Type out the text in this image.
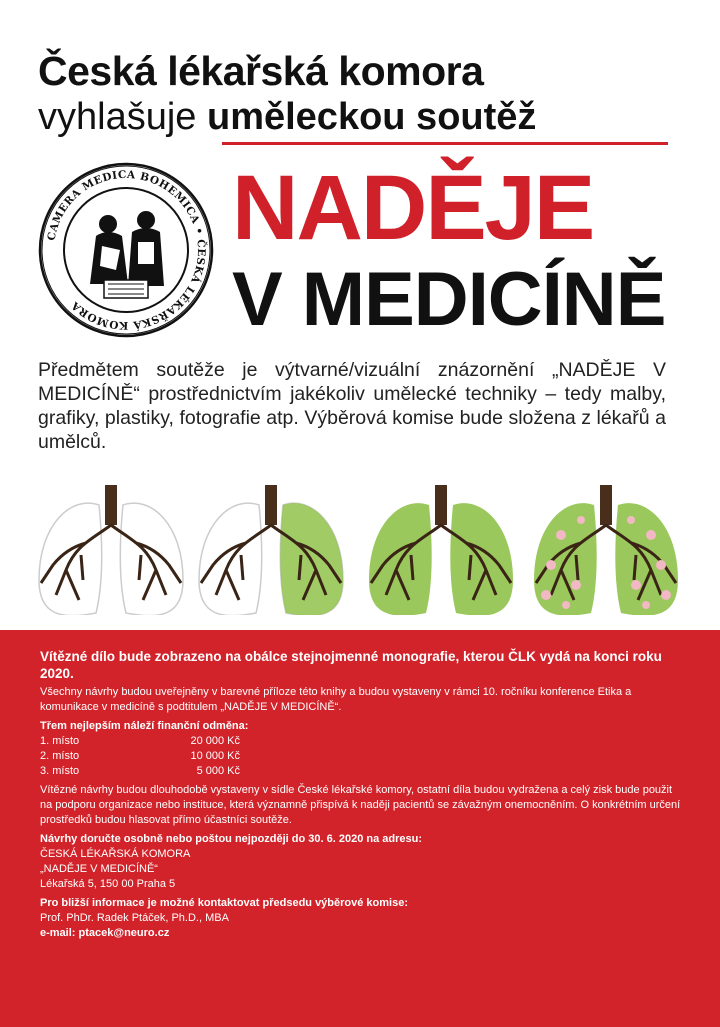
Česká lékařská komora
vyhlašuje uměleckou soutěž
CAMERA MEDICA BOHEMICA • ČESKÁ LÉKAŘSKÁ KOMORA
NADĚJE
V MEDICÍNĚ
Předmětem soutěže je výtvarné/vizuální znázornění „NADĚJE V MEDICÍNĚ“ prostřednictvím jakékoliv umělecké techniky – tedy malby, grafiky, plastiky, fotografie atp. Výběrová komise bude složena z lékařů a umělců.

Vítězné dílo bude zobrazeno na obálce stejnojmenné monografie, kterou ČLK vydá na konci roku 2020.

Všechny návrhy budou uveřejněny v barevné příloze této knihy a budou vystaveny v rámci 10. ročníku konference Etika a komunikace v medicíně s podtitulem „NADĚJE V MEDICÍNĚ“.

Třem nejlepším náleží finanční odměna:

1. místo	20 000 Kč
2. místo	10 000 Kč
3. místo	5 000 Kč

Vítězné návrhy budou dlouhodobě vystaveny v sídle České lékařské komory, ostatní díla budou vydražena a celý zisk bude použit na podporu organizace nebo instituce, která významně přispívá k naději pacientů se závažným onemocněním. O konkrétním určení prostředků budou hlasovat přímo účastníci soutěže.

Návrhy doručte osobně nebo poštou nejpozději do 30. 6. 2020 na adresu:

ČESKÁ LÉKAŘSKÁ KOMORA

„NADĚJE V MEDICÍNĚ“

Lékařská 5, 150 00 Praha 5

Pro bližší informace je možné kontaktovat předsedu výběrové komise:

Prof. PhDr. Radek Ptáček, Ph.D., MBA

e-mail: ptacek@neuro.cz
